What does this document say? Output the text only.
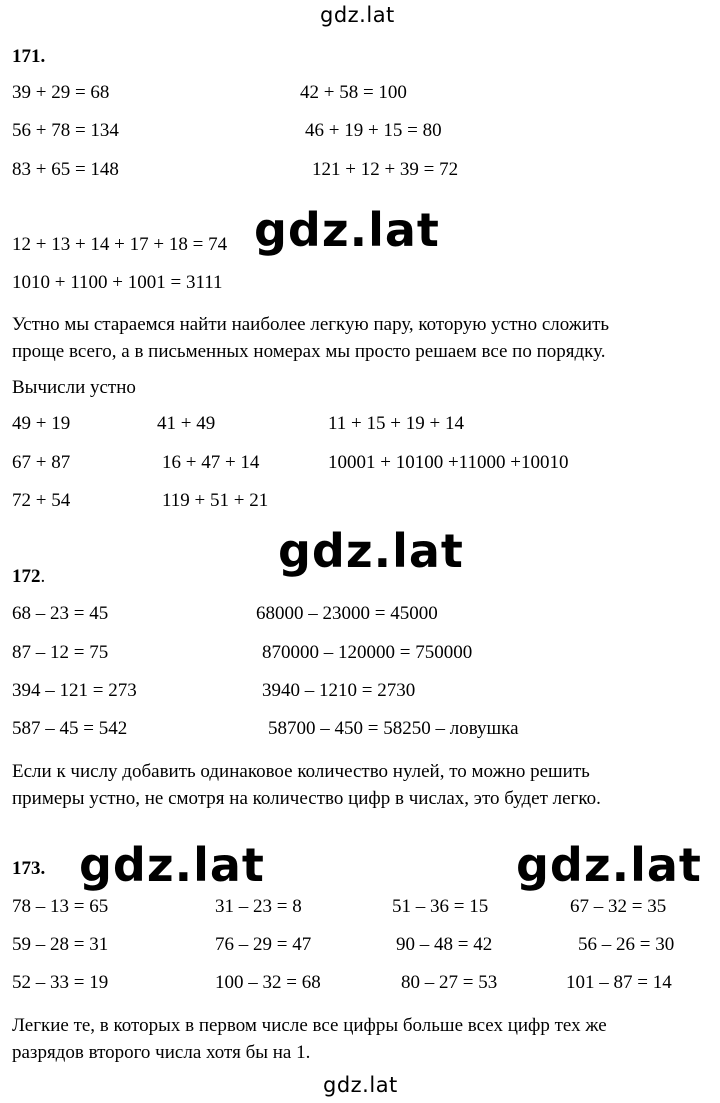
gdz.lat
gdz.lat
gdz.lat
gdz.lat	gdz.lat
gdz.lat
171.
39 + 29 = 68	42 + 58 = 100
56 + 78 = 134	46 + 19 + 15 = 80
83 + 65 = 148	121 + 12 + 39 = 72
12 + 13 + 14 + 17 + 18 = 74
1010 + 1100 + 1001 = 3111
Устно мы стараемся найти наиболее легкую пару, которую устно сложить
проще всего, а в письменных номерах мы просто решаем все по порядку.
Вычисли устно
49 + 19	41 + 49	11 + 15 + 19 + 14
67 + 87	16 + 47 + 14	10001 + 10100 +11000 +10010
72 + 54	119 + 51 + 21
172.
68 – 23 = 45	68000 – 23000 = 45000
87 – 12 = 75	870000 – 120000 = 750000
394 – 121 = 273	3940 – 1210 = 2730
587 – 45 = 542	58700 – 450 = 58250 – ловушка
Если к числу добавить одинаковое количество нулей, то можно решить
примеры устно, не смотря на количество цифр в числах, это будет легко.
173.
78 – 13 = 65	31 – 23 = 8	51 – 36 = 15	67 – 32 = 35
59 – 28 = 31	76 – 29 = 47	90 – 48 = 42	56 – 26 = 30
52 – 33 = 19	100 – 32 = 68	80 – 27 = 53	101 – 87 = 14
Легкие те, в которых в первом числе все цифры больше всех цифр тех же
разрядов второго числа хотя бы на 1.
